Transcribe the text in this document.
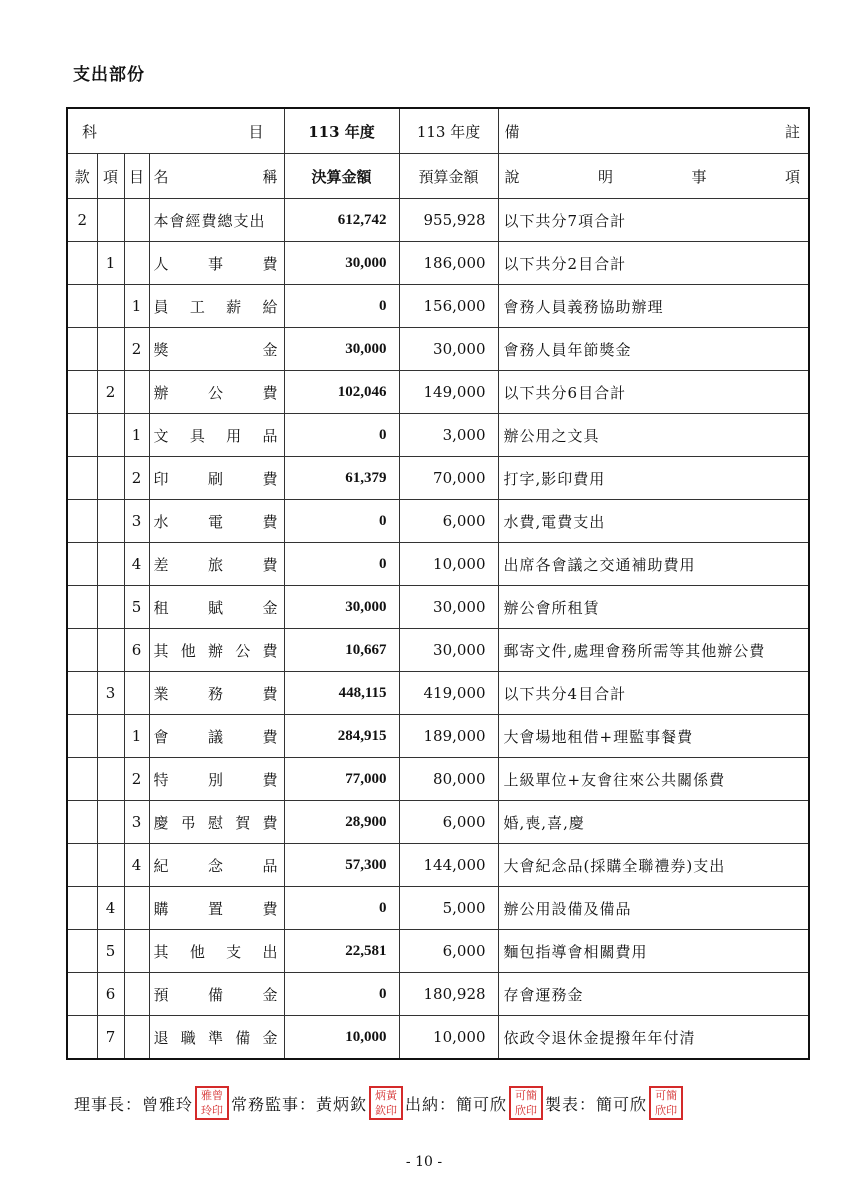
支出部份
科 目				113 年度	113 年度	備 註

款	項	目	名 稱	決算金額	預算金額	說 明 事 項

2			本會經費總支出	612,742	955,928	以下共分7項合計
	1		人 事 費	30,000	186,000	以下共分2目合計
		1	員 工 薪 給	0	156,000	會務人員義務協助辦理
		2	獎 金	30,000	30,000	會務人員年節獎金
	2		辦 公 費	102,046	149,000	以下共分6目合計
		1	文 具 用 品	0	3,000	辦公用之文具
		2	印 刷 費	61,379	70,000	打字,影印費用
		3	水 電 費	0	6,000	水費,電費支出
		4	差 旅 費	0	10,000	出席各會議之交通補助費用
		5	租 賦 金	30,000	30,000	辦公會所租賃
		6	其 他 辦 公 費	10,667	30,000	郵寄文件,處理會務所需等其他辦公費
	3		業 務 費	448,115	419,000	以下共分4目合計
		1	會 議 費	284,915	189,000	大會場地租借+理監事餐費
		2	特 別 費	77,000	80,000	上級單位+友會往來公共關係費
		3	慶 弔 慰 賀 費	28,900	6,000	婚,喪,喜,慶
		4	紀 念 品	57,300	144,000	大會紀念品(採購全聯禮券)支出
	4		購 置 費	0	5,000	辦公用設備及備品
	5		其 他 支 出	22,581	6,000	麵包指導會相關費用
	6		預 備 金	0	180,928	存會運務金
	7		退 職 準 備 金	10,000	10,000	依政令退休金提撥年年付清
理事長：曾雅玲 雅曾
玲印 常務監事：黃炳欽 炳黃
欽印 出納：簡可欣 可簡
欣印 製表：簡可欣 可簡
欣印
- 10 -
